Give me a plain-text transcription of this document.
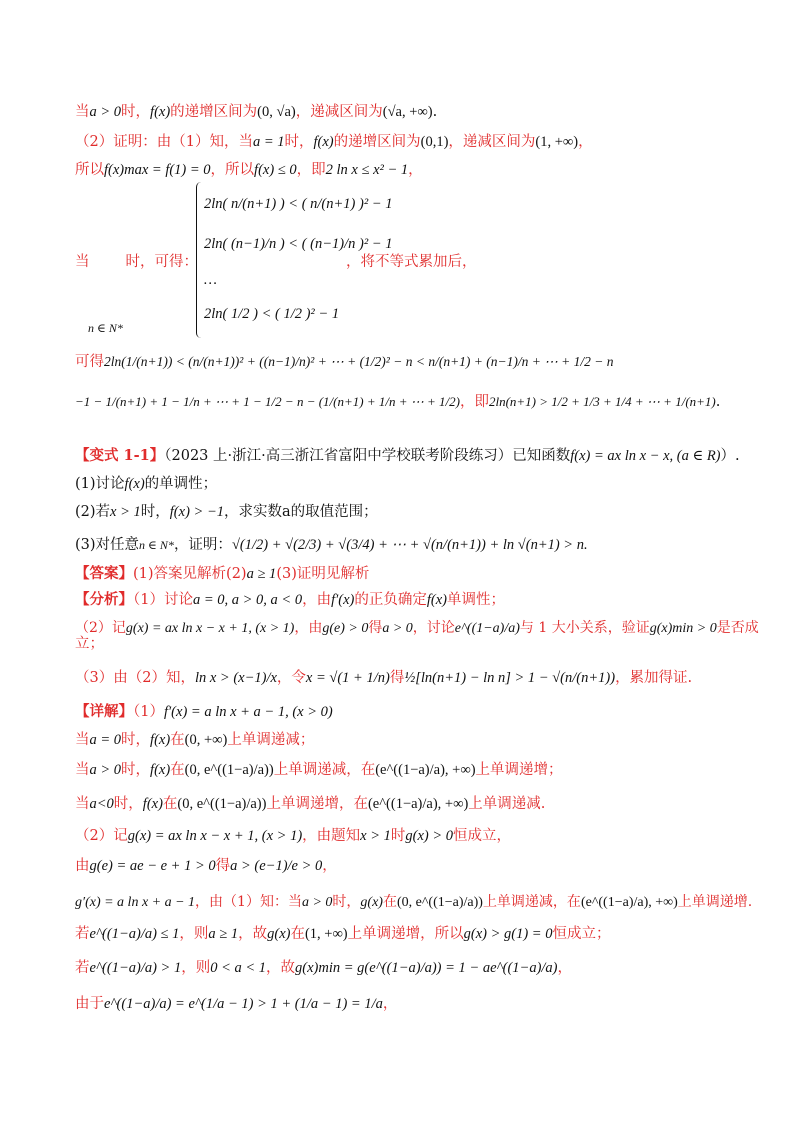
当a > 0时，f(x)的递增区间为(0, √a)，递减区间为(√a, +∞).
（2）证明：由（1）知，当a = 1时，f(x)的递增区间为(0,1)，递减区间为(1, +∞)，
所以f(x)max = f(1) = 0，所以f(x) ≤ 0，即2 ln x ≤ x² − 1，
当 时，可得：
2ln( n/(n+1) ) < ( n/(n+1) )² − 1
2ln( (n−1)/n ) < ( (n−1)/n )² − 1
…
2ln( 1/2 ) < ( 1/2 )² − 1
，将不等式累加后，
n ∈ N*
可得2ln(1/(n+1)) < (n/(n+1))² + ((n−1)/n)² + ⋯ + (1/2)² − n < n/(n+1) + (n−1)/n + ⋯ + 1/2 − n
−1 − 1/(n+1) + 1 − 1/n + ⋯ + 1 − 1/2 − n − (1/(n+1) + 1/n + ⋯ + 1/2)，即2ln(n+1) > 1/2 + 1/3 + 1/4 + ⋯ + 1/(n+1).
【变式 1-1】（2023 上·浙江·高三浙江省富阳中学校联考阶段练习）已知函数f(x) = ax ln x − x, (a ∈ R)）.
(1)讨论f(x)的单调性；
(2)若x > 1时，f(x) > −1，求实数a的取值范围；
(3)对任意n ∈ N*，证明：√(1/2) + √(2/3) + √(3/4) + ⋯ + √(n/(n+1)) + ln √(n+1) > n.
【答案】(1)答案见解析(2)a ≥ 1(3)证明见解析
【分析】（1）讨论a = 0, a > 0, a < 0，由f′(x)的正负确定f(x)单调性；
（2）记g(x) = ax ln x − x + 1, (x > 1)，由g(e) > 0得a > 0，讨论e^((1−a)/a)与 1 大小关系，验证g(x)min > 0是否成
立；
（3）由（2）知，ln x > (x−1)/x，令x = √(1 + 1/n)得½[ln(n+1) − ln n] > 1 − √(n/(n+1))，累加得证.
【详解】（1）f′(x) = a ln x + a − 1, (x > 0)
当a = 0时，f(x)在(0, +∞)上单调递减；
当a > 0时，f(x)在(0, e^((1−a)/a))上单调递减，在(e^((1−a)/a), +∞)上单调递增；
当a<0时，f(x)在(0, e^((1−a)/a))上单调递增，在(e^((1−a)/a), +∞)上单调递减.
（2）记g(x) = ax ln x − x + 1, (x > 1)，由题知x > 1时g(x) > 0恒成立，
由g(e) = ae − e + 1 > 0得a > (e−1)/e > 0，
g′(x) = a ln x + a − 1，由（1）知：当a > 0时，g(x)在(0, e^((1−a)/a))上单调递减，在(e^((1−a)/a), +∞)上单调递增.
若e^((1−a)/a) ≤ 1，则a ≥ 1，故g(x)在(1, +∞)上单调递增，所以g(x) > g(1) = 0恒成立；
若e^((1−a)/a) > 1，则0 < a < 1，故g(x)min = g(e^((1−a)/a)) = 1 − ae^((1−a)/a)，
由于e^((1−a)/a) = e^(1/a − 1) > 1 + (1/a − 1) = 1/a，
